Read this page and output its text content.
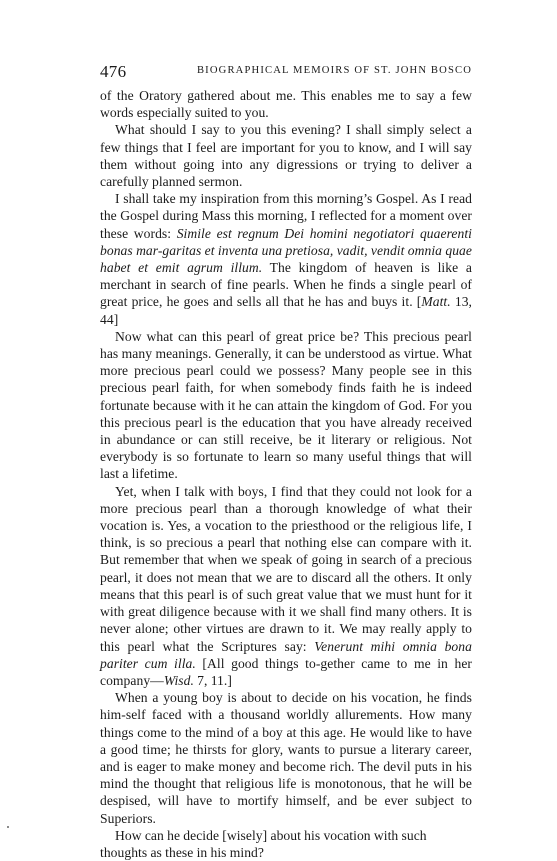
476	BIOGRAPHICAL MEMOIRS OF ST. JOHN BOSCO

of the Oratory gathered about me. This enables me to say a few words especially suited to you.

What should I say to you this evening? I shall simply select a few things that I feel are important for you to know, and I will say them without going into any digressions or trying to deliver a carefully planned sermon.

I shall take my inspiration from this morning’s Gospel. As I read the Gospel during Mass this morning, I reflected for a moment over these words: Simile est regnum Dei homini negotiatori quaerenti bonas mar-garitas et inventa una pretiosa, vadit, vendit omnia quae habet et emit agrum illum. The kingdom of heaven is like a merchant in search of fine pearls. When he finds a single pearl of great price, he goes and sells all that he has and buys it. [Matt. 13, 44]

Now what can this pearl of great price be? This precious pearl has many meanings. Generally, it can be understood as virtue. What more precious pearl could we possess? Many people see in this precious pearl faith, for when somebody finds faith he is indeed fortunate because with it he can attain the kingdom of God. For you this precious pearl is the education that you have already received in abundance or can still receive, be it literary or religious. Not everybody is so fortunate to learn so many useful things that will last a lifetime.

Yet, when I talk with boys, I find that they could not look for a more precious pearl than a thorough knowledge of what their vocation is. Yes, a vocation to the priesthood or the religious life, I think, is so precious a pearl that nothing else can compare with it. But remember that when we speak of going in search of a precious pearl, it does not mean that we are to discard all the others. It only means that this pearl is of such great value that we must hunt for it with great diligence because with it we shall find many others. It is never alone; other virtues are drawn to it. We may really apply to this pearl what the Scriptures say: Venerunt mihi omnia bona pariter cum illa. [All good things to-gether came to me in her company—Wisd. 7, 11.]

When a young boy is about to decide on his vocation, he finds him-self faced with a thousand worldly allurements. How many things come to the mind of a boy at this age. He would like to have a good time; he thirsts for glory, wants to pursue a literary career, and is eager to make money and become rich. The devil puts in his mind the thought that religious life is monotonous, that he will be despised, will have to mortify himself, and be ever subject to Superiors.

How can he decide [wisely] about his vocation with such thoughts as these in his mind?
